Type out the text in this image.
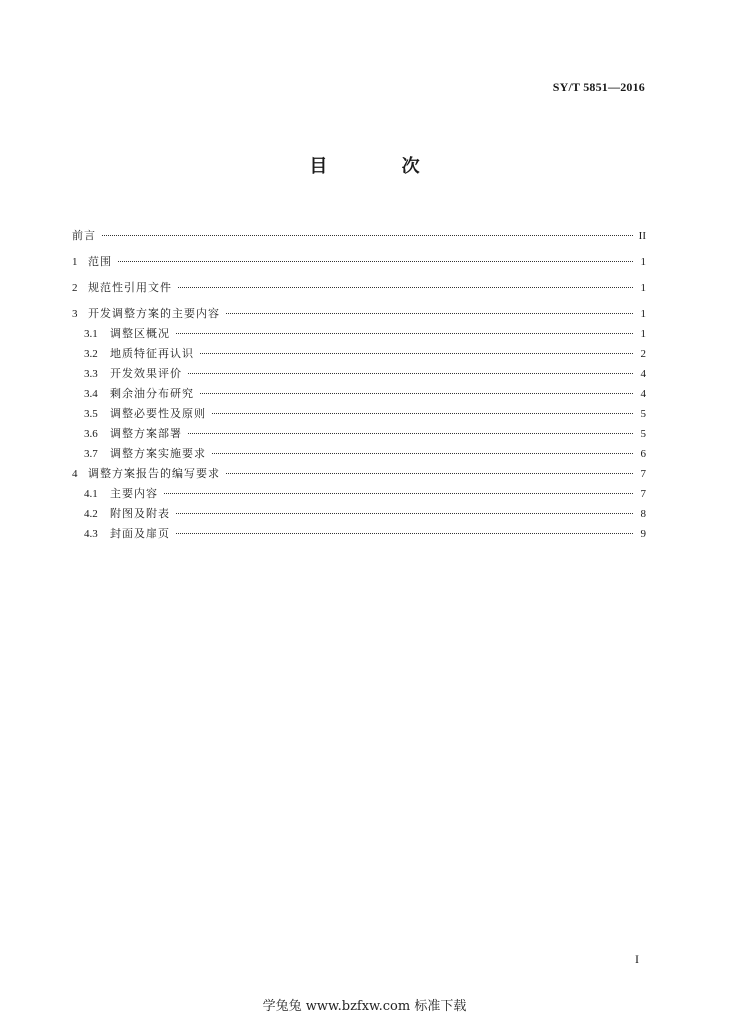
SY/T 5851—2016
目 次
前言	II
1 范围	1
2 规范性引用文件	1
3 开发调整方案的主要内容	1
3.1	调整区概况	1
3.2	地质特征再认识	2
3.3	开发效果评价	4
3.4	剩余油分布研究	4
3.5	调整必要性及原则	5
3.6	调整方案部署	5
3.7	调整方案实施要求	6
4 调整方案报告的编写要求	7
4.1	主要内容	7
4.2	附图及附表	8
4.3	封面及扉页	9
I
学兔兔 www.bzfxw.com 标准下载
